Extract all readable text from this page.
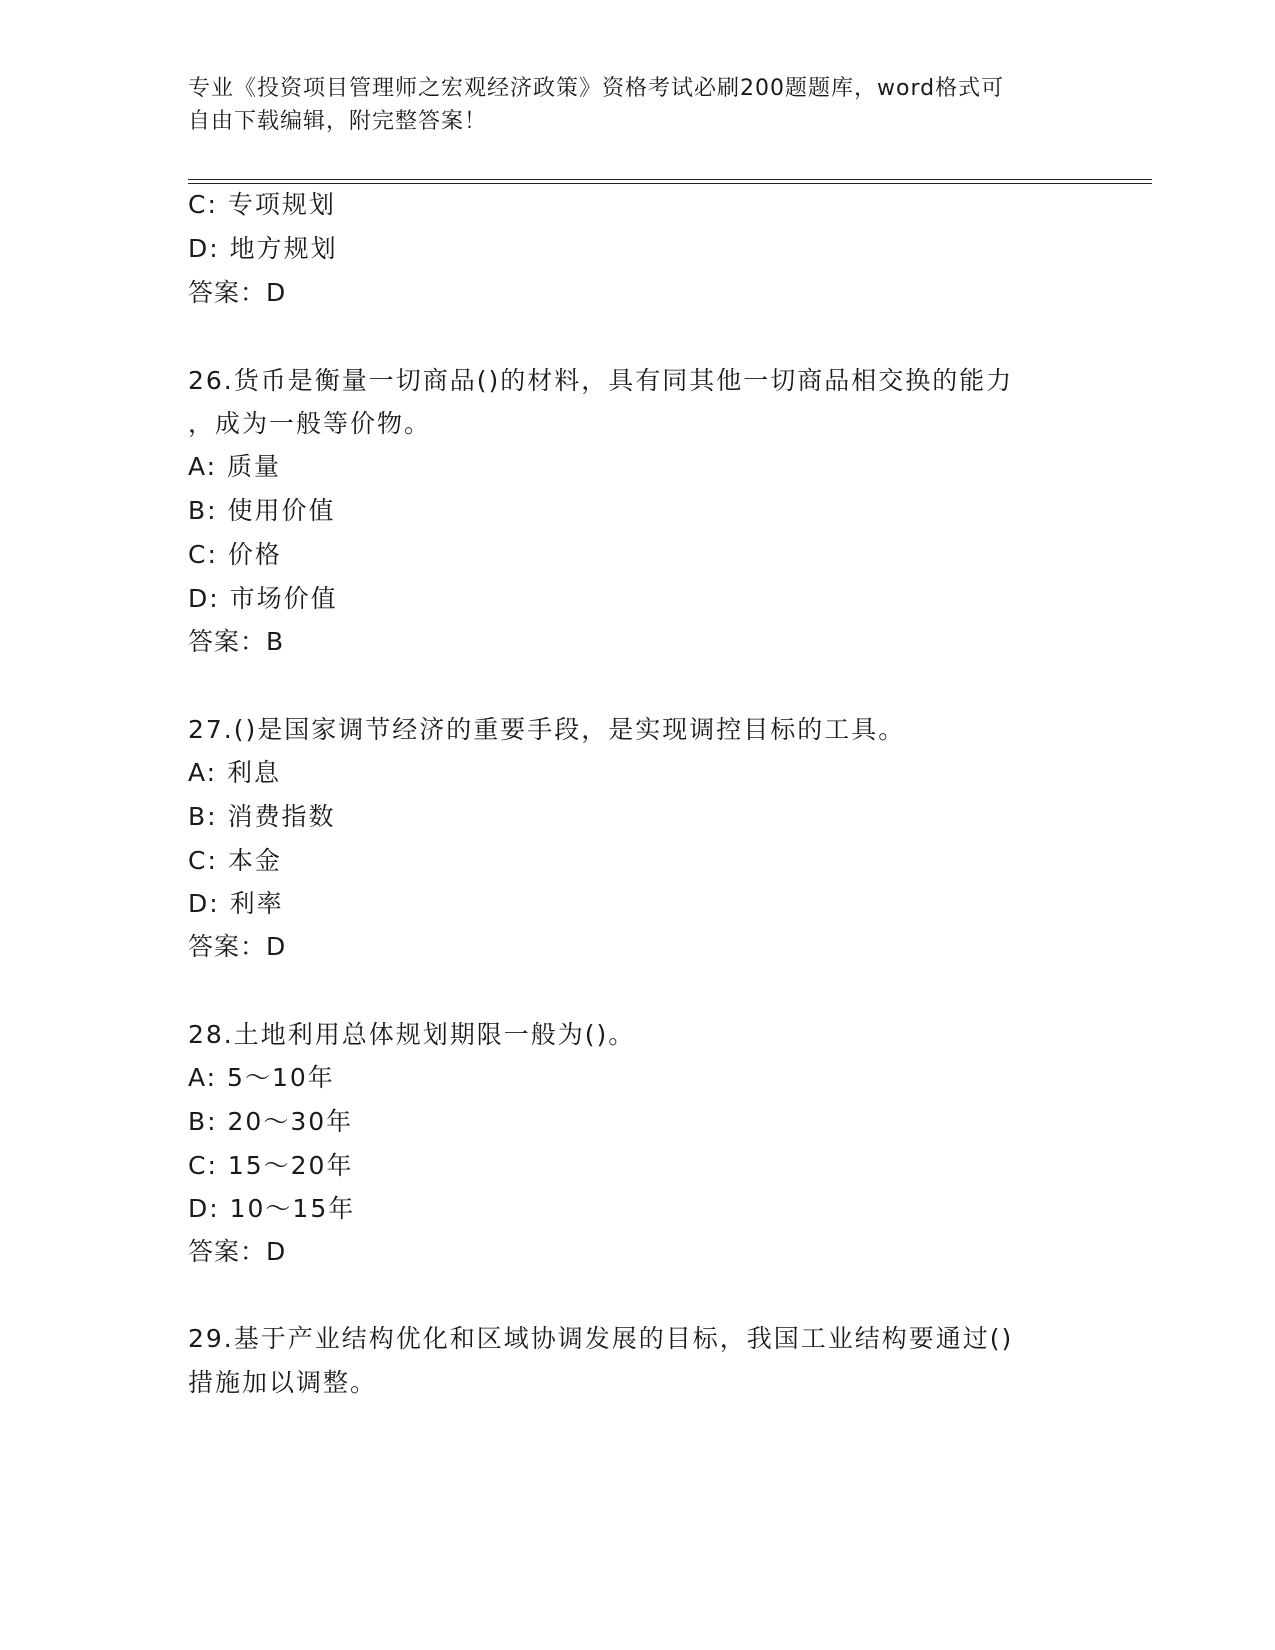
专业《投资项目管理师之宏观经济政策》资格考试必刷200题题库，word格式可
自由下载编辑，附完整答案！
C: 专项规划
D: 地方规划
答案：D
26.货币是衡量一切商品()的材料，具有同其他一切商品相交换的能力
，成为一般等价物。
A: 质量
B: 使用价值
C: 价格
D: 市场价值
答案：B
27.()是国家调节经济的重要手段，是实现调控目标的工具。
A: 利息
B: 消费指数
C: 本金
D: 利率
答案：D
28.土地利用总体规划期限一般为()。
A: 5～10年
B: 20～30年
C: 15～20年
D: 10～15年
答案：D
29.基于产业结构优化和区域协调发展的目标，我国工业结构要通过()
措施加以调整。
